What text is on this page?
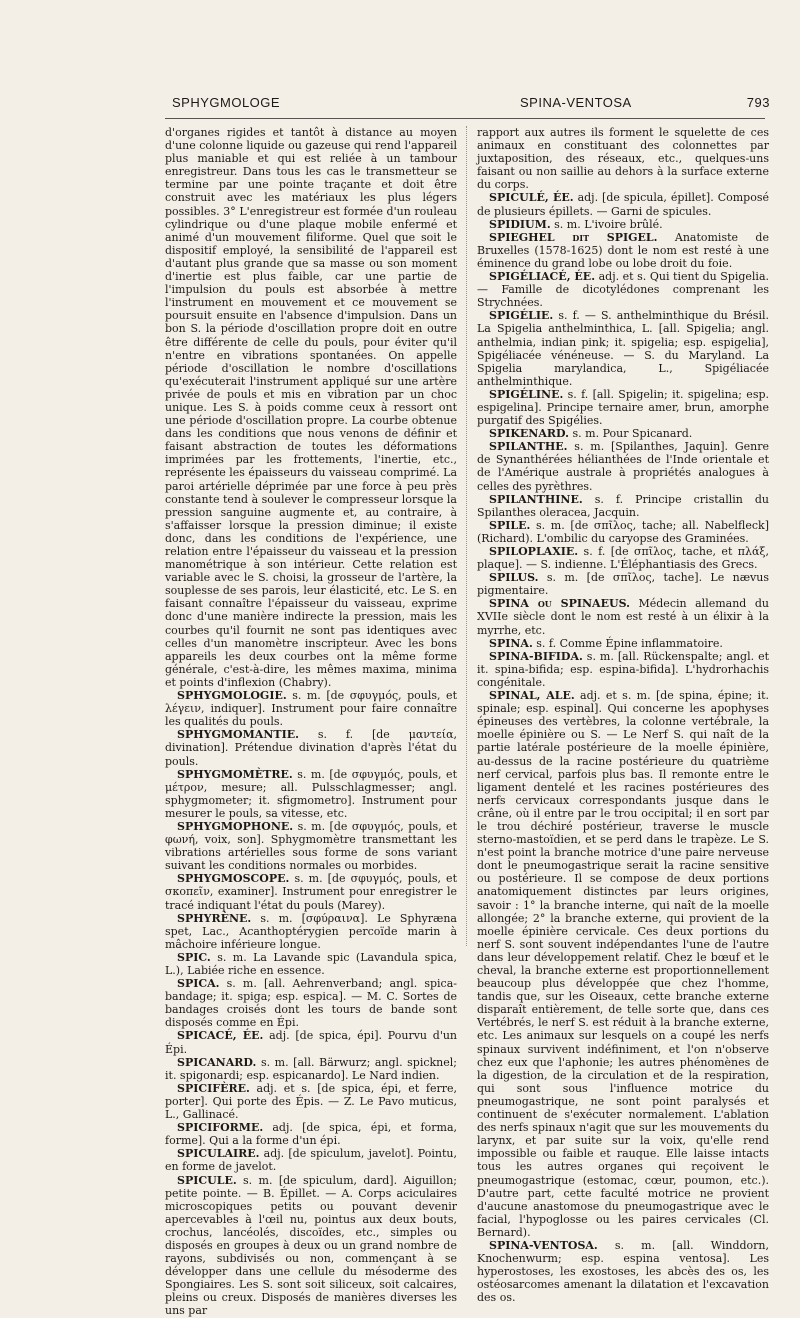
SPHYGMOLOGE	SPINA-VENTOSA	793

d'organes rigides et tantôt à distance au moyen d'une colonne liquide ou gazeuse qui rend l'appareil plus maniable et qui est reliée à un tambour enregistreur. Dans tous les cas le transmetteur se termine par une pointe traçante et doit être construit avec les matériaux les plus légers possibles. 3° L'enregistreur est formée d'un rouleau cylindrique ou d'une plaque mobile enfermé et animé d'un mouvement filiforme. Quel que soit le dispositif employé, la sensibilité de l'appareil est d'autant plus grande que sa masse ou son moment d'inertie est plus faible, car une partie de l'impulsion du pouls est absorbée à mettre l'instrument en mouvement et ce mouvement se poursuit ensuite en l'absence d'impulsion. Dans un bon S. la période d'oscillation propre doit en outre être différente de celle du pouls, pour éviter qu'il n'entre en vibrations spontanées. On appelle période d'oscillation le nombre d'oscillations qu'exécuterait l'instrument appliqué sur une artère privée de pouls et mis en vibration par un choc unique. Les S. à poids comme ceux à ressort ont une période d'oscillation propre. La courbe obtenue dans les conditions que nous venons de définir et faisant abstraction de toutes les déformations imprimées par les frottements, l'inertie, etc., représente les épaisseurs du vaisseau comprimé. La paroi artérielle déprimée par une force à peu près constante tend à soulever le compresseur lorsque la pression sanguine augmente et, au contraire, à s'affaisser lorsque la pression diminue; il existe donc, dans les conditions de l'expérience, une relation entre l'épaisseur du vaisseau et la pression manométrique à son intérieur. Cette relation est variable avec le S. choisi, la grosseur de l'artère, la souplesse de ses parois, leur élasticité, etc. Le S. en faisant connaître l'épaisseur du vaisseau, exprime donc d'une manière indirecte la pression, mais les courbes qu'il fournit ne sont pas identiques avec celles d'un manomètre inscripteur. Avec les bons appareils les deux courbes ont la même forme générale, c'est-à-dire, les mêmes maxima, minima et points d'inflexion (Chabry).

SPHYGMOLOGIE. s. m. [de σφυγμός, pouls, et λέγειν, indiquer]. Instrument pour faire connaître les qualités du pouls.

SPHYGMOMANTIE. s. f. [de μαντεία, divination]. Prétendue divination d'après l'état du pouls.

SPHYGMOMÈTRE. s. m. [de σφυγμός, pouls, et μέτρον, mesure; all. Pulsschlagmesser; angl. sphygmometer; it. sfigmometro]. Instrument pour mesurer le pouls, sa vitesse, etc.

SPHYGMOPHONE. s. m. [de σφυγμός, pouls, et φωνή, voix, son]. Sphygmomètre transmettant les vibrations artérielles sous forme de sons variant suivant les conditions normales ou morbides.

SPHYGMOSCOPE. s. m. [de σφυγμός, pouls, et σκοπεῖν, examiner]. Instrument pour enregistrer le tracé indiquant l'état du pouls (Marey).

SPHYRÈNE. s. m. [σφύραινα]. Le Sphyræna spet, Lac., Acanthoptérygien percoïde marin à mâchoire inférieure longue.

SPIC. s. m. La Lavande spic (Lavandula spica, L.), Labiée riche en essence.

SPICA. s. m. [all. Aehrenverband; angl. spica-bandage; it. spiga; esp. espica]. — M. C. Sortes de bandages croisés dont les tours de bande sont disposés comme en Épi.

SPICACÉ, ÉE. adj. [de spica, épi]. Pourvu d'un Épi.

SPICANARD. s. m. [all. Bärwurz; angl. spicknel; it. spigonardi; esp. espicanardo]. Le Nard indien.

SPICIFÈRE. adj. et s. [de spica, épi, et ferre, porter]. Qui porte des Épis. — Z. Le Pavo muticus, L., Gallinacé.

SPICIFORME. adj. [de spica, épi, et forma, forme]. Qui a la forme d'un épi.

SPICULAIRE. adj. [de spiculum, javelot]. Pointu, en forme de javelot.

SPICULE. s. m. [de spiculum, dard]. Aiguillon; petite pointe. — B. Épillet. — A. Corps aciculaires microscopiques petits ou pouvant devenir apercevables à l'œil nu, pointus aux deux bouts, crochus, lancéolés, discoïdes, etc., simples ou disposés en groupes à deux ou un grand nombre de rayons, subdivisés ou non, commençant à se développer dans une cellule du mésoderme des Spongiaires. Les S. sont soit siliceux, soit calcaires, pleins ou creux. Disposés de manières diverses les uns par

rapport aux autres ils forment le squelette de ces animaux en constituant des colonnettes par juxtaposition, des réseaux, etc., quelques-uns faisant ou non saillie au dehors à la surface externe du corps.

SPICULÉ, ÉE. adj. [de spicula, épillet]. Composé de plusieurs épillets. — Garni de spicules.

SPIDIUM. s. m. L'ivoire brûlé.

SPIEGHEL dit SPIGEL. Anatomiste de Bruxelles (1578-1625) dont le nom est resté à une éminence du grand lobe ou lobe droit du foie.

SPIGÉLIACÉ, ÉE. adj. et s. Qui tient du Spigelia. — Famille de dicotylédones comprenant les Strychnées.

SPIGÉLIE. s. f. — S. anthelminthique du Brésil. La Spigelia anthelminthica, L. [all. Spigelia; angl. anthelmia, indian pink; it. spigelia; esp. espigelia], Spigéliacée vénéneuse. — S. du Maryland. La Spigelia marylandica, L., Spigéliacée anthelminthique.

SPIGÉLINE. s. f. [all. Spigelin; it. spigelina; esp. espigelina]. Principe ternaire amer, brun, amorphe purgatif des Spigélies.

SPIKENARD. s. m. Pour Spicanard.

SPILANTHE. s. m. [Spilanthes, Jaquin]. Genre de Synanthérées hélianthées de l'Inde orientale et de l'Amérique australe à propriétés analogues à celles des pyrèthres.

SPILANTHINE. s. f. Principe cristallin du Spilanthes oleracea, Jacquin.

SPILE. s. m. [de σπῖλος, tache; all. Nabelfleck] (Richard). L'ombilic du caryopse des Graminées.

SPILOPLAXIE. s. f. [de σπῖλος, tache, et πλάξ, plaque]. — S. indienne. L'Éléphantiasis des Grecs.

SPILUS. s. m. [de σπῖλος, tache]. Le nævus pigmentaire.

SPINA ou SPINAEUS. Médecin allemand du XVIIe siècle dont le nom est resté à un élixir à la myrrhe, etc.

SPINA. s. f. Comme Épine inflammatoire.

SPINA-BIFIDA. s. m. [all. Rückenspalte; angl. et it. spina-bifida; esp. espina-bifida]. L'hydrorhachis congénitale.

SPINAL, ALE. adj. et s. m. [de spina, épine; it. spinale; esp. espinal]. Qui concerne les apophyses épineuses des vertèbres, la colonne vertébrale, la moelle épinière ou S. — Le Nerf S. qui naît de la partie latérale postérieure de la moelle épinière, au-dessus de la racine postérieure du quatrième nerf cervical, parfois plus bas. Il remonte entre le ligament dentelé et les racines postérieures des nerfs cervicaux correspondants jusque dans le crâne, où il entre par le trou occipital; il en sort par le trou déchiré postérieur, traverse le muscle sterno-mastoïdien, et se perd dans le trapèze. Le S. n'est point la branche motrice d'une paire nerveuse dont le pneumogastrique serait la racine sensitive ou postérieure. Il se compose de deux portions anatomiquement distinctes par leurs origines, savoir : 1° la branche interne, qui naît de la moelle allongée; 2° la branche externe, qui provient de la moelle épinière cervicale. Ces deux portions du nerf S. sont souvent indépendantes l'une de l'autre dans leur développement relatif. Chez le bœuf et le cheval, la branche externe est proportionnellement beaucoup plus développée que chez l'homme, tandis que, sur les Oiseaux, cette branche externe disparaît entièrement, de telle sorte que, dans ces Vertébrés, le nerf S. est réduit à la branche externe, etc. Les animaux sur lesquels on a coupé les nerfs spinaux survivent indéfiniment, et l'on n'observe chez eux que l'aphonie; les autres phénomènes de la digestion, de la circulation et de la respiration, qui sont sous l'influence motrice du pneumogastrique, ne sont point paralysés et continuent de s'exécuter normalement. L'ablation des nerfs spinaux n'agit que sur les mouvements du larynx, et par suite sur la voix, qu'elle rend impossible ou faible et rauque. Elle laisse intacts tous les autres organes qui reçoivent le pneumogastrique (estomac, cœur, poumon, etc.). D'autre part, cette faculté motrice ne provient d'aucune anastomose du pneumogastrique avec le facial, l'hypoglosse ou les paires cervicales (Cl. Bernard).

SPINA-VENTOSA. s. m. [all. Winddorn, Knochenwurm; esp. espina ventosa]. Les hyperostoses, les exostoses, les abcès des os, les ostéosarcomes amenant la dilatation et l'excavation des os.
